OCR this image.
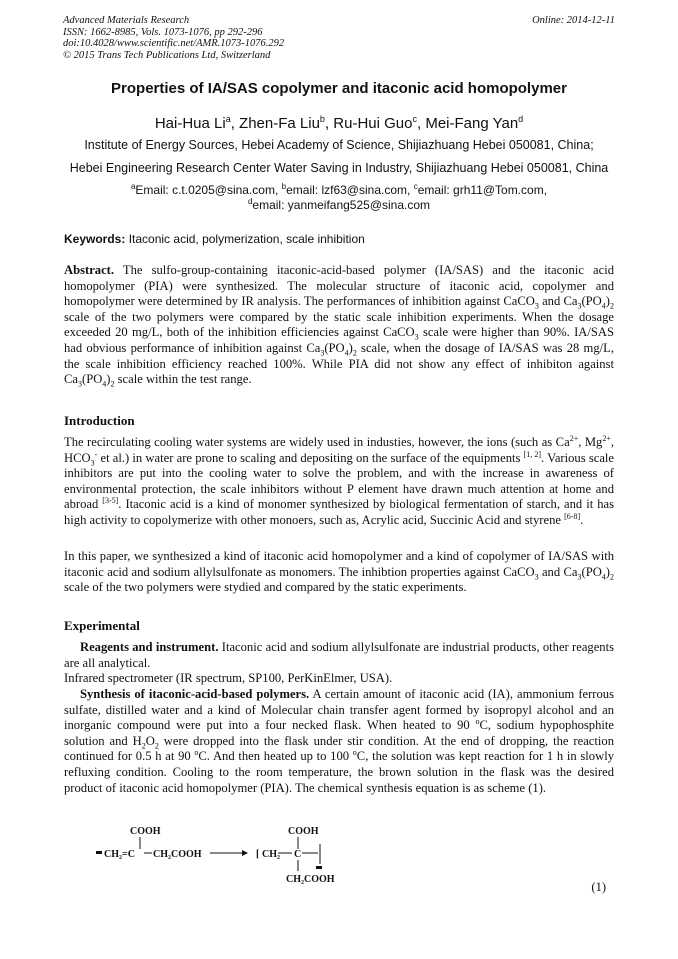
Advanced Materials Research
ISSN: 1662-8985, Vols. 1073-1076, pp 292-296
doi:10.4028/www.scientific.net/AMR.1073-1076.292
© 2015 Trans Tech Publications Ltd, Switzerland
Online: 2014-12-11
Properties of IA/SAS copolymer and itaconic acid homopolymer
Hai-Hua Li$^a$, Zhen-Fa Liu$^b$, Ru-Hui Guo$^c$, Mei-Fang Yan$^d$
Institute of Energy Sources, Hebei Academy of Science, Shijiazhuang Hebei 050081, China;
Hebei Engineering Research Center Water Saving in Industry, Shijiazhuang Hebei 050081, China
$^a$Email: c.t.0205@sina.com, $^b$email: lzf63@sina.com, $^c$email: grh11@Tom.com,
$^d$email: yanmeifang525@sina.com
Keywords: Itaconic acid, polymerization, scale inhibition
Abstract. The sulfo-group-containing itaconic-acid-based polymer (IA/SAS) and the itaconic acid homopolymer (PIA) were synthesized. The molecular structure of itaconic acid, copolymer and homopolymer were determined by IR analysis. The performances of inhibition against CaCO$_3$ and $Ca_3(PO_4)_2$ scale of the two polymers were compared by the static scale inhibition experiments. When the dosage exceeded 20 mg/L, both of the inhibition efficiencies against CaCO$_3$ scale were higher than 90%. IA/SAS had obvious performance of inhibition against $Ca_3(PO_4)_2$ scale, when the dosage of IA/SAS was 28 mg/L, the scale inhibition efficiency reached 100%. While PIA did not show any effect of inhibiton against $Ca_3(PO_4)_2$ scale within the test range.
Introduction
The recirculating cooling water systems are widely used in industies, however, the ions (such as $Ca^{2+}$, $Mg^{2+}$, $HCO_3^-$ et al.) in water are prone to scaling and depositing on the surface of the equipments [1, 2]. Various scale inhibitors are put into the cooling water to solve the problem, and with the increase in awareness of environmental protection, the scale inhibitors without P element have drawn much attention at home and abroad [3-5]. Itaconic acid is a kind of monomer synthesized by biological fermentation of starch, and it has high activity to copolymerize with other monoers, such as, Acrylic acid, Succinic Acid and styrene [6-8].
In this paper, we synthesized a kind of itaconic acid homopolymer and a kind of copolymer of IA/SAS with itaconic acid and sodium allylsulfonate as monomers. The inhibtion properties against CaCO$_3$ and $Ca_3(PO_4)_2$ scale of the two polymers were stydied and compared by the static experiments.
Experimental
Reagents and instrument. Itaconic acid and sodium allylsulfonate are industrial products, other reagents are all analytical.
Infrared spectrometer (IR spectrum, SP100, PerKinElmer, USA).
Synthesis of itaconic-acid-based polymers. A certain amount of itaconic acid (IA), ammonium ferrous sulfate, distilled water and a kind of Molecular chain transfer agent formed by isopropyl alcohol and an inorganic compound were put into a four necked flask. When heated to 90 $^o$C, sodium hypophosphite solution and $H_2O_2$ were dropped into the flask under stir condition. At the end of dropping, the reaction continued for 0.5 h at 90 $^o$C. And then heated up to 100 $^o$C, the solution was kept reaction for 1 h in slowly refluxing condition. Cooling to the room temperature, the brown solution in the flask was the desired product of itaconic acid homopolymer (PIA). The chemical synthesis equation is as scheme (1).
COOH
CH₂=C CH₂COOH
COOH
[ CH₂ C
CH₂COOH
(1)
